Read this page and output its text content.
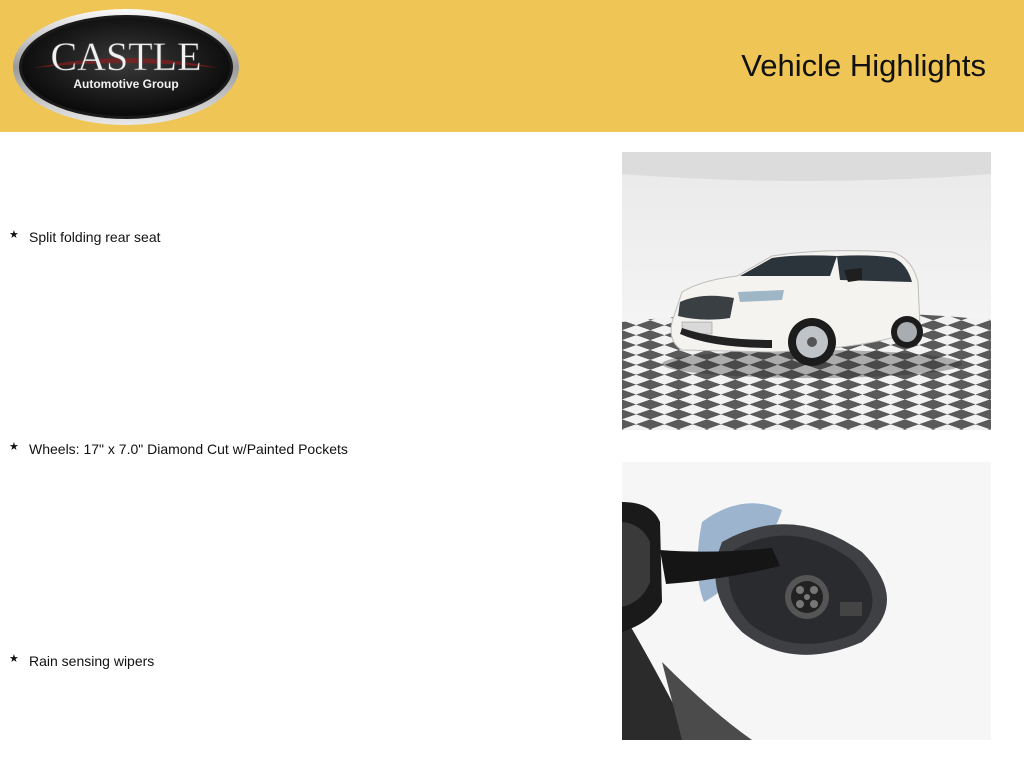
CASTLE
Automotive Group
Vehicle Highlights
★ Split folding rear seat
★ Wheels: 17" x 7.0" Diamond Cut w/Painted Pockets
★ Rain sensing wipers
